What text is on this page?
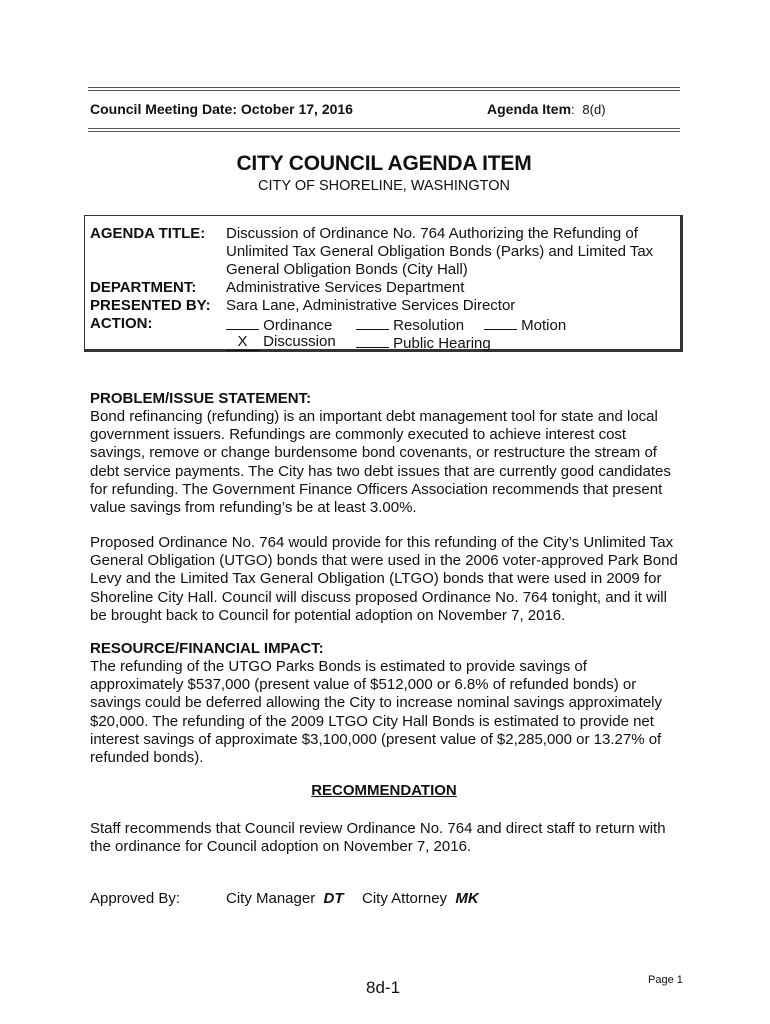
Council Meeting Date: October 17, 2016	Agenda Item: 8(d)
CITY COUNCIL AGENDA ITEM
CITY OF SHORELINE, WASHINGTON
AGENDA TITLE: Discussion of Ordinance No. 764 Authorizing the Refunding of
Unlimited Tax General Obligation Bonds (Parks) and Limited Tax
General Obligation Bonds (City Hall)
DEPARTMENT: Administrative Services Department
PRESENTED BY: Sara Lane, Administrative Services Director
ACTION:	Ordinance	Resolution	Motion
X Discussion	Public Hearing
PROBLEM/ISSUE STATEMENT:

Bond refinancing (refunding) is an important debt management tool for state and local government issuers. Refundings are commonly executed to achieve interest cost savings, remove or change burdensome bond covenants, or restructure the stream of debt service payments. The City has two debt issues that are currently good candidates for refunding. The Government Finance Officers Association recommends that present value savings from refunding’s be at least 3.00%.

Proposed Ordinance No. 764 would provide for this refunding of the City’s Unlimited Tax General Obligation (UTGO) bonds that were used in the 2006 voter-approved Park Bond Levy and the Limited Tax General Obligation (LTGO) bonds that were used in 2009 for Shoreline City Hall. Council will discuss proposed Ordinance No. 764 tonight, and it will be brought back to Council for potential adoption on November 7, 2016.

RESOURCE/FINANCIAL IMPACT:

The refunding of the UTGO Parks Bonds is estimated to provide savings of approximately $537,000 (present value of $512,000 or 6.8% of refunded bonds) or savings could be deferred allowing the City to increase nominal savings approximately $20,000. The refunding of the 2009 LTGO City Hall Bonds is estimated to provide net interest savings of approximate $3,100,000 (present value of $2,285,000 or 13.27% of refunded bonds).

RECOMMENDATION

Staff recommends that Council review Ordinance No. 764 and direct staff to return with the ordinance for Council adoption on November 7, 2016.

Approved By:	City Manager DT City Attorney MK
8d-1	Page 1
